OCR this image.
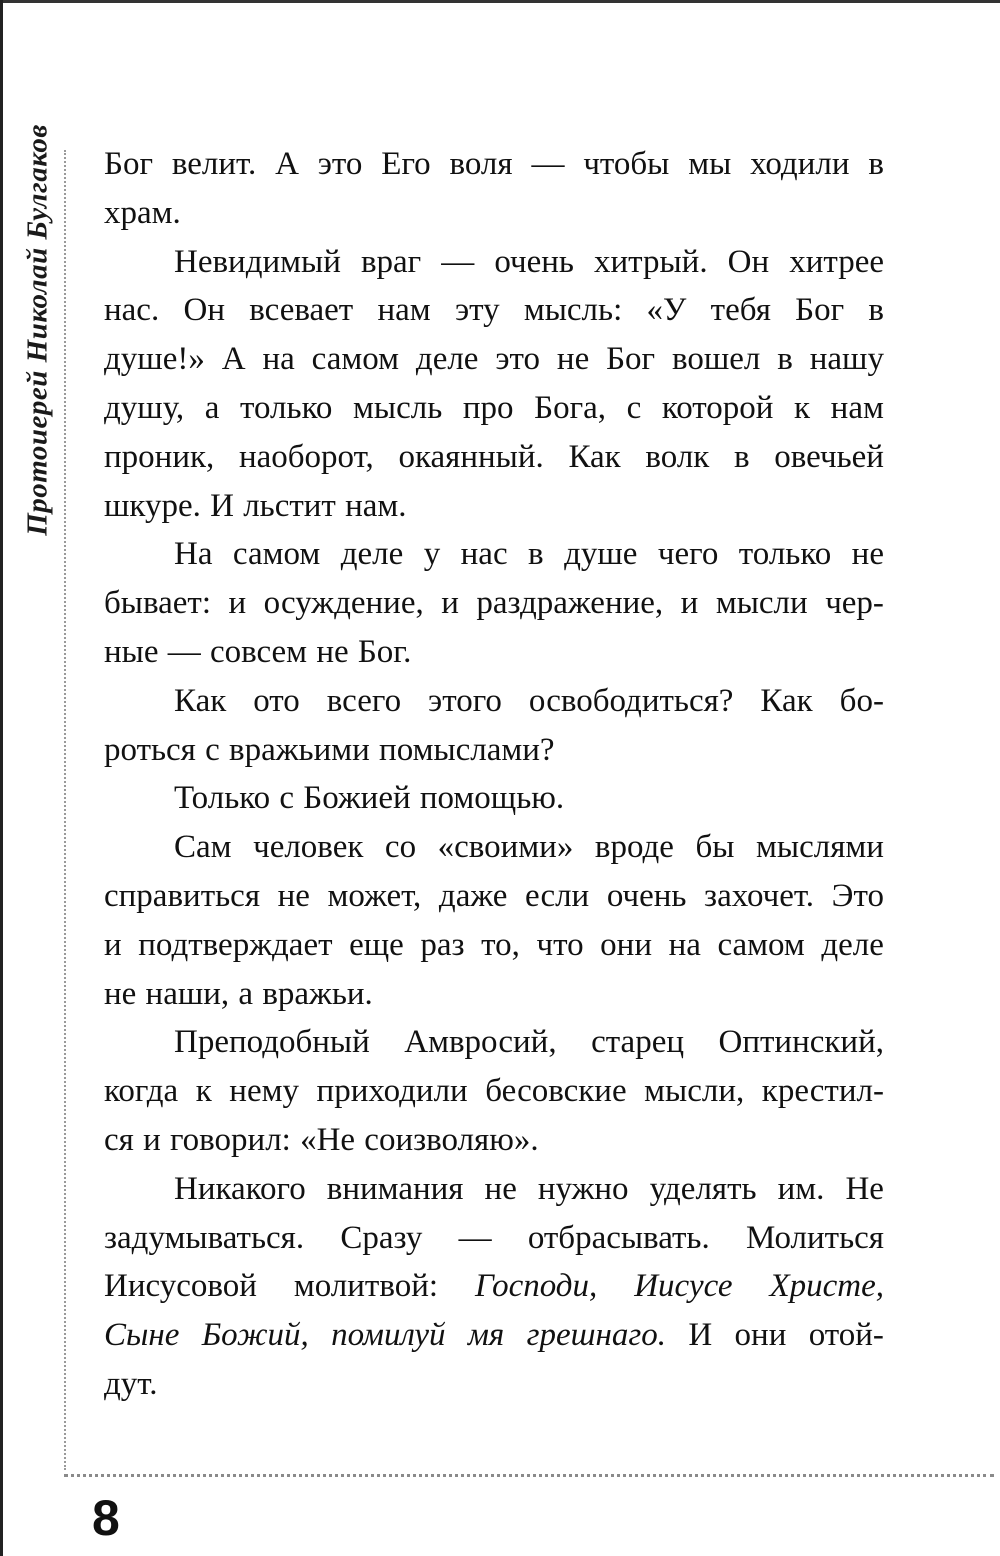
Протоиерей Николай Булгаков Бог велит. А это Его воля — чтобы мы ходили в
храм.
Невидимый враг — очень хитрый. Он хитрее
нас. Он всевает нам эту мысль: «У тебя Бог в
душе!» А на самом деле это не Бог вошел в нашу
душу, а только мысль про Бога, с которой к нам
проник, наоборот, окаянный. Как волк в овечьей
шкуре. И льстит нам.
На самом деле у нас в душе чего только не
бывает: и осуждение, и раздражение, и мысли чер-
ные — совсем не Бог.
Как ото всего этого освободиться? Как бо-
роться с вражьими помыслами?
Только с Божией помощью.
Сам человек со «своими» вроде бы мыслями
справиться не может, даже если очень захочет. Это
и подтверждает еще раз то, что они на самом деле
не наши, а вражьи.
Преподобный Амвросий, старец Оптинский,
когда к нему приходили бесовские мысли, крестил-
ся и говорил: «Не соизволяю».
Никакого внимания не нужно уделять им. Не
задумываться. Сразу — отбрасывать. Молиться
Иисусовой молитвой: Господи, Иисусе Христе,
Сыне Божий, помилуй мя грешнаго. И они отой-
дут.
8
